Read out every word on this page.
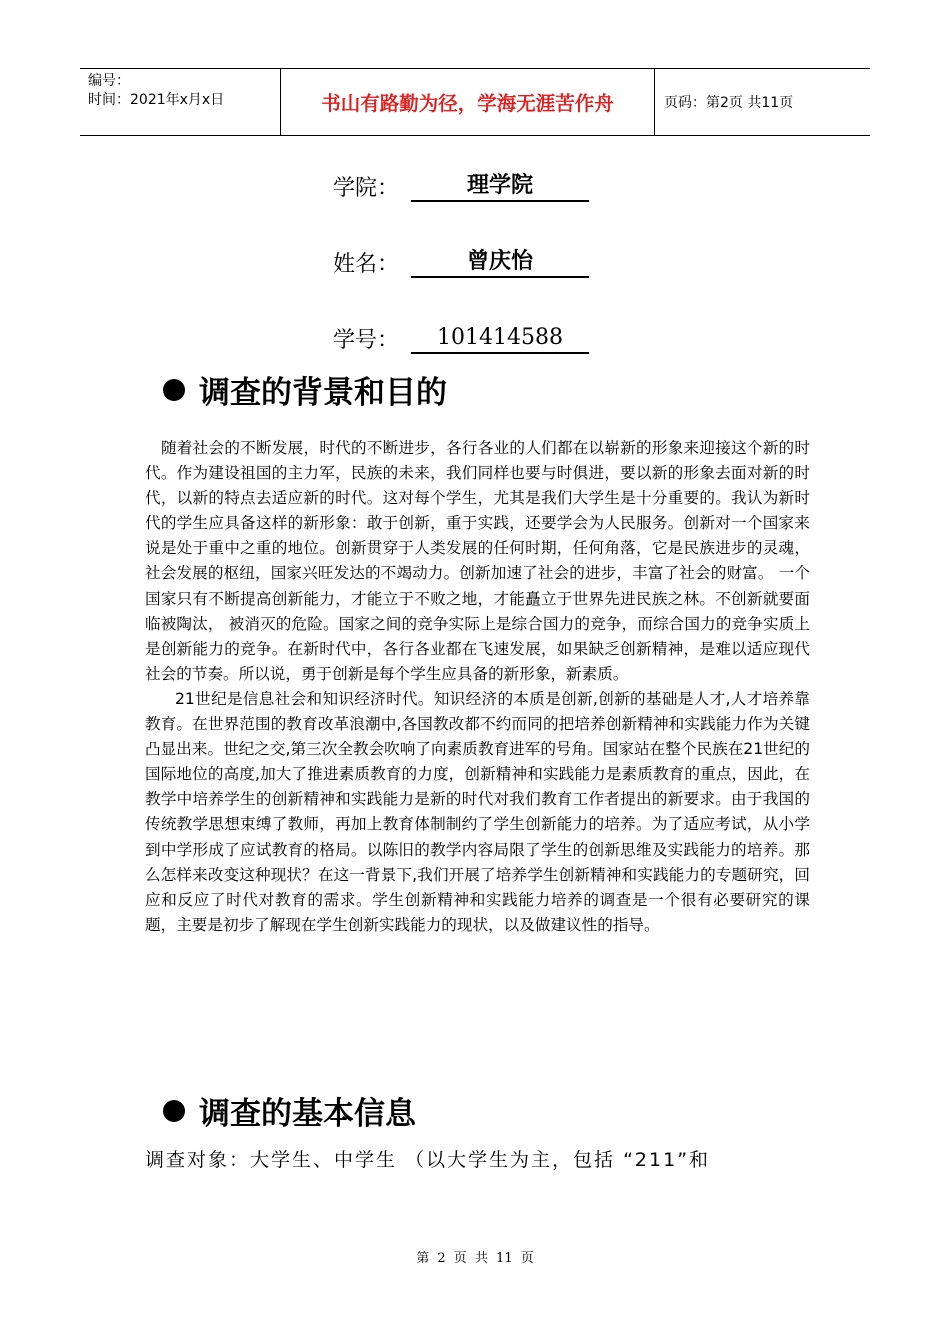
编号：
时间：2021年x月x日	书山有路勤为径，学海无涯苦作舟	页码：第2页 共11页
学院：	理学院
姓名：	曾庆怡
学号：	101414588
调查的背景和目的

随着社会的不断发展，时代的不断进步，各行各业的人们都在以崭新的形象来迎接这个新的时代。作为建设祖国的主力军，民族的未来，我们同样也要与时俱进，要以新的形象去面对新的时代，以新的特点去适应新的时代。这对每个学生，尤其是我们大学生是十分重要的。我认为新时代的学生应具备这样的新形象：敢于创新，重于实践，还要学会为人民服务。创新对一个国家来说是处于重中之重的地位。创新贯穿于人类发展的任何时期，任何角落，它是民族进步的灵魂，社会发展的枢纽，国家兴旺发达的不竭动力。创新加速了社会的进步，丰富了社会的财富。 一个国家只有不断提高创新能力，才能立于不败之地，才能矗立于世界先进民族之林。不创新就要面临被陶汰， 被消灭的危险。国家之间的竞争实际上是综合国力的竞争，而综合国力的竞争实质上是创新能力的竞争。在新时代中，各行各业都在飞速发展，如果缺乏创新精神，是难以适应现代社会的节奏。所以说，勇于创新是每个学生应具备的新形象，新素质。

21世纪是信息社会和知识经济时代。知识经济的本质是创新,创新的基础是人才,人才培养靠教育。在世界范围的教育改革浪潮中,各国教改都不约而同的把培养创新精神和实践能力作为关键凸显出来。世纪之交,第三次全教会吹响了向素质教育进军的号角。国家站在整个民族在21世纪的国际地位的高度,加大了推进素质教育的力度，创新精神和实践能力是素质教育的重点，因此，在教学中培养学生的创新精神和实践能力是新的时代对我们教育工作者提出的新要求。由于我国的传统教学思想束缚了教师，再加上教育体制制约了学生创新能力的培养。为了适应考试，从小学到中学形成了应试教育的格局。以陈旧的教学内容局限了学生的创新思维及实践能力的培养。那么怎样来改变这种现状？在这一背景下,我们开展了培养学生创新精神和实践能力的专题研究，回应和反应了时代对教育的需求。学生创新精神和实践能力培养的调查是一个很有必要研究的课题，主要是初步了解现在学生创新实践能力的现状，以及做建议性的指导。

调查的基本信息
调查对象：大学生、中学生 （以大学生为主，包括 “211”和
第 2 页 共 11 页
